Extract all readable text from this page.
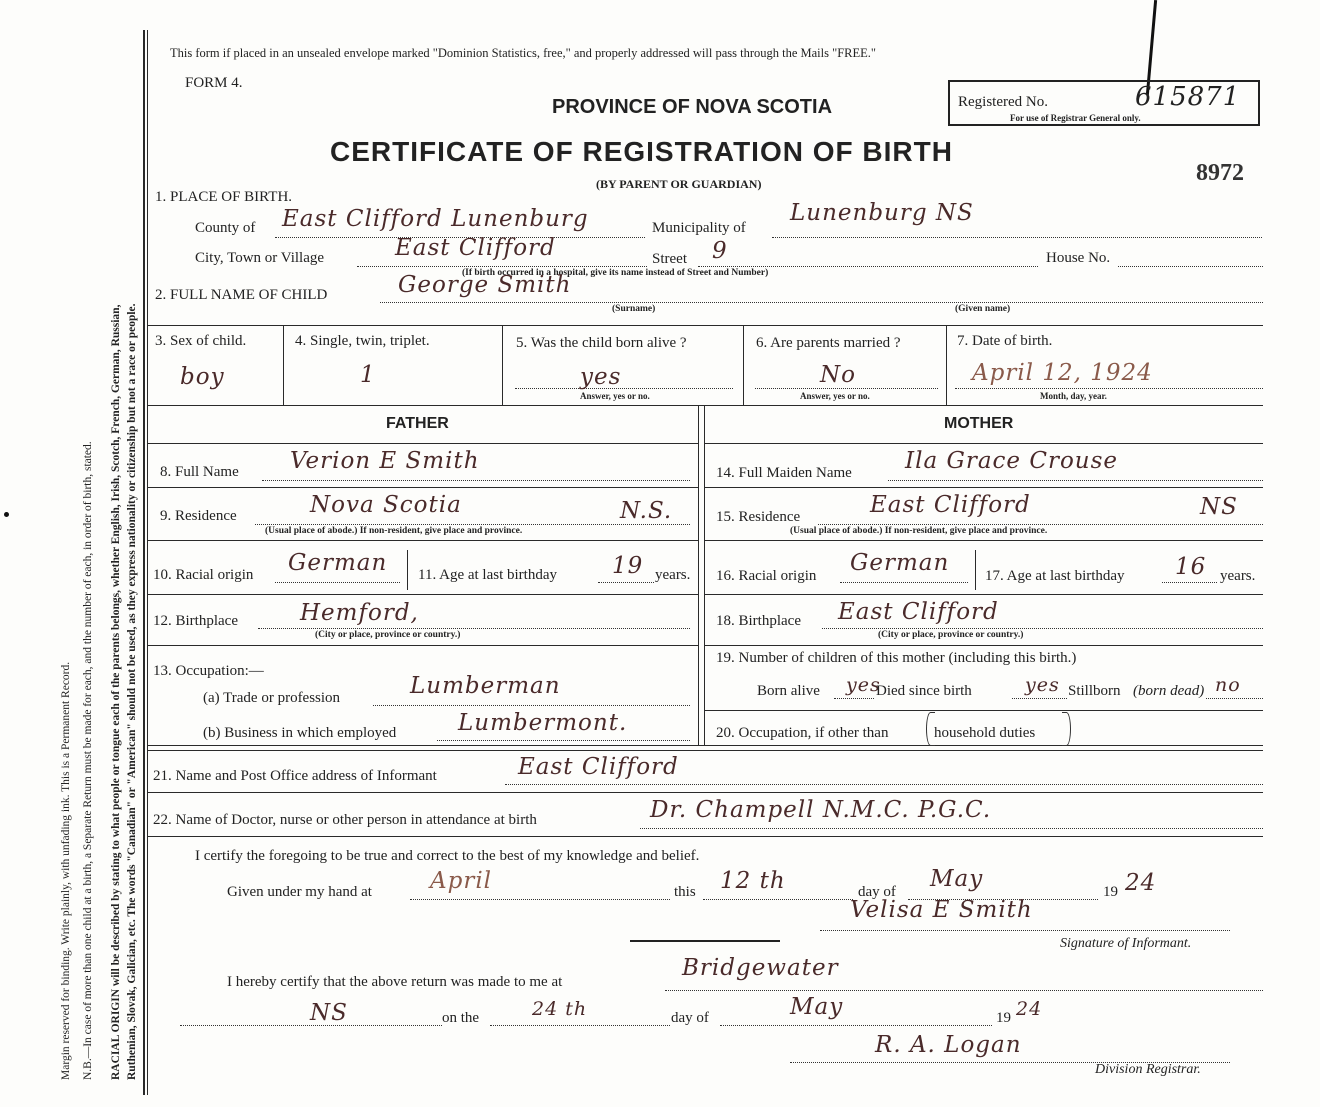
Margin reserved for binding. Write plainly, with unfading ink. This is a Permanent Record. N.B.—In case of more than one child at a birth, a Separate Return must be made for each, and the number of each, in order of birth, stated. RACIAL ORIGIN will be described by stating to what people or tongue each of the parents belongs, whether English, Irish, Scotch, French, German, Russian, Ruthenian, Slovak, Galician, etc. The words "Canadian" or "American" should not be used, as they express nationality or citizenship but not a race or people.
This form if placed in an unsealed envelope marked "Dominion Statistics, free," and properly addressed will pass through the Mails "FREE."
FORM 4.
PROVINCE OF NOVA SCOTIA
CERTIFICATE OF REGISTRATION OF BIRTH
(BY PARENT OR GUARDIAN)	8972
Registered No.	615871
For use of Registrar General only.
1. PLACE OF BIRTH.
County of East Clifford Lunenburg	Municipality of
Lunenburg NS
City, Town or Village	East Clifford	Street 9	House No.
(If birth occurred in a hospital, give its name instead of Street and Number)
2. FULL NAME OF CHILD	George Smith
(Surname)	(Given name)
3. Sex of child.
boy
4. Single, twin, triplet.
1
5. Was the child born alive ?
yes
Answer, yes or no.
6. Are parents married ?
No
Answer, yes or no.
7. Date of birth.
April 12, 1924
Month, day, year.
FATHER	MOTHER
8. Full Name Verion E Smith
9. Residence	Nova Scotia	N.S.
(Usual place of abode.) If non-resident, give place and province.
10. Racial origin German 11. Age at last birthday 19 years.
12. Birthplace	Hemford,
(City or place, province or country.)
13. Occupation:—
(a) Trade or profession	Lumberman
(b) Business in which employed	Lumbermont.
14. Full Maiden Name Ila Grace Crouse
15. Residence	East Clifford	NS
(Usual place of abode.) If non-resident, give place and province.
16. Racial origin German 17. Age at last birthday 16 years.
18. Birthplace East Clifford
(City or place, province or country.)
19. Number of children of this mother (including this birth.)
Born alive yes
Died since birth	yes Stillborn (born dead) no
20. Occupation, if other than	household duties
21. Name and Post Office address of Informant	East Clifford
22. Name of Doctor, nurse or other person in attendance at birth	Dr. Champell N.M.C. P.G.C.
I certify the foregoing to be true and correct to the best of my knowledge and belief.
Given under my hand at	April	this 12 th	day of May	19 24
Velisa E Smith
Signature of Informant.
I hereby certify that the above return was made to me at
Bridgewater
NS	on the	24 th	day of	May	19 24
R. A. Logan
Division Registrar.
